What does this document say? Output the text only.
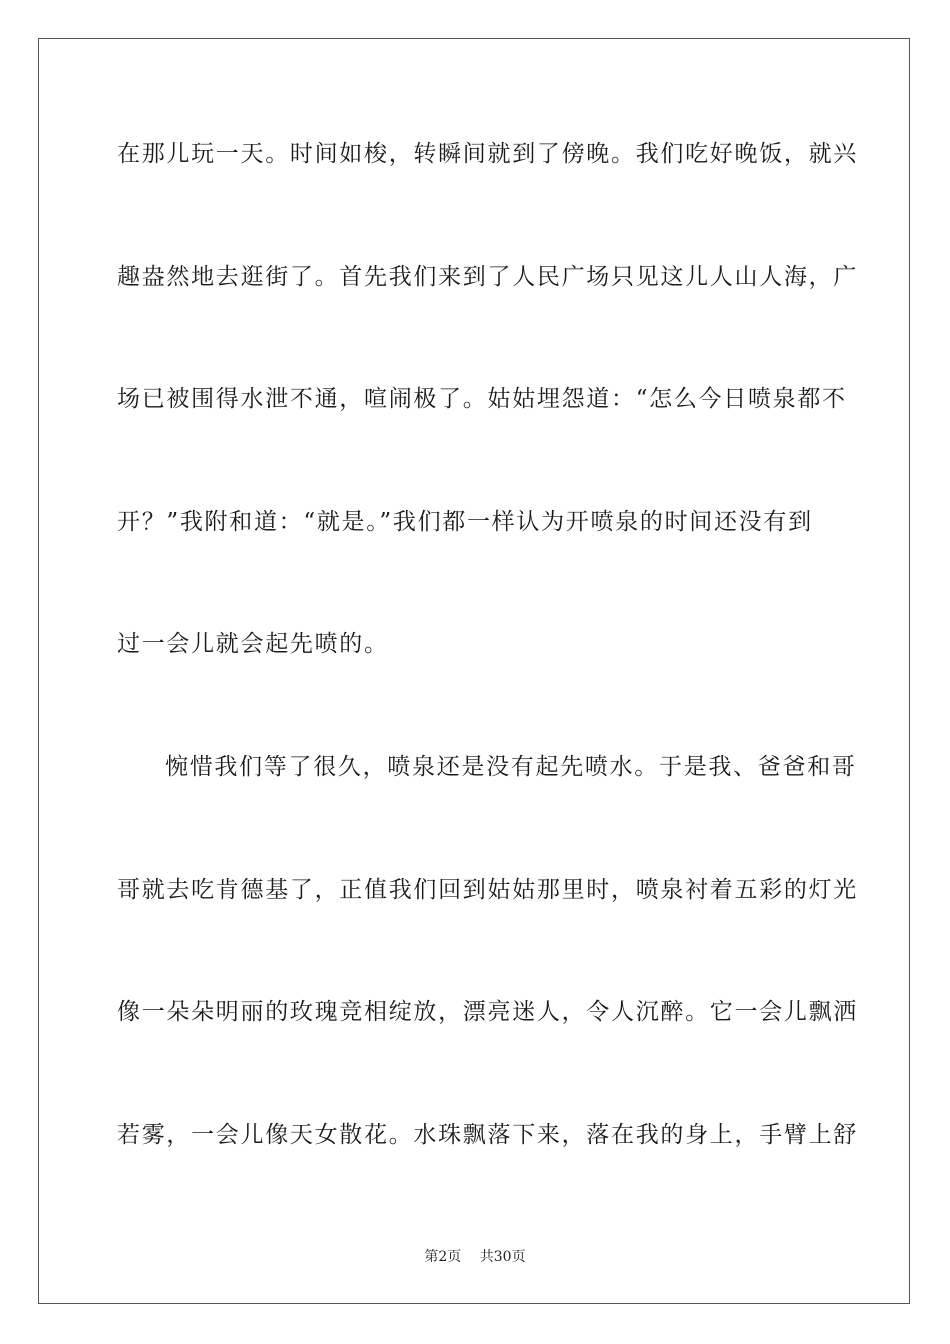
在那儿玩一天。时间如梭，转瞬间就到了傍晚。我们吃好晚饭，就兴

趣盎然地去逛街了。首先我们来到了人民广场只见这儿人山人海，广

场已被围得水泄不通，喧闹极了。姑姑埋怨道：“怎么今日喷泉都不

开？”我附和道：“就是。”我们都一样认为开喷泉的时间还没有到

过一会儿就会起先喷的。

惋惜我们等了很久，喷泉还是没有起先喷水。于是我、爸爸和哥

哥就去吃肯德基了，正值我们回到姑姑那里时，喷泉衬着五彩的灯光

像一朵朵明丽的玫瑰竞相绽放，漂亮迷人，令人沉醉。它一会儿飘洒

若雾，一会儿像天女散花。水珠飘落下来，落在我的身上，手臂上舒

第2页 共30页
